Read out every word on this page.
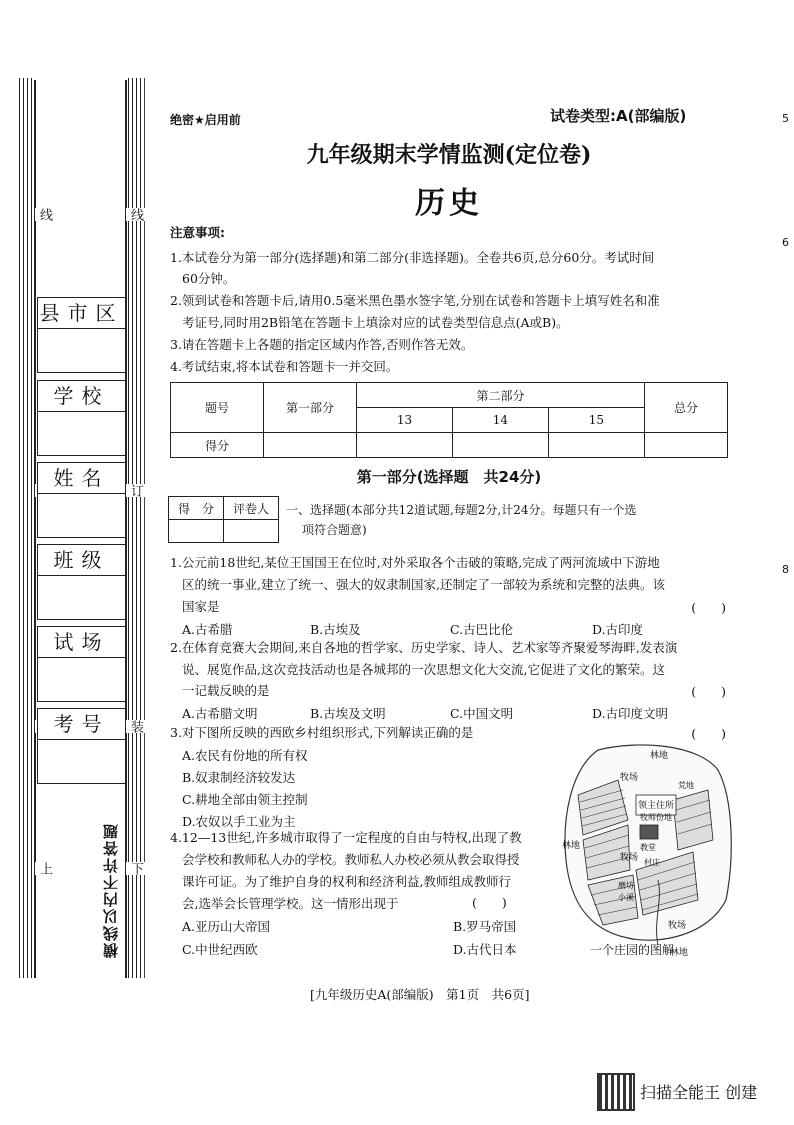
线	线
订
装
上	下
横线以内不许答题
县市区
学校
姓名
班级
试场
考号
5
6
8
绝密★启用前	试卷类型:A(部编版)
九年级期末学情监测(定位卷)
历史
注意事项:
1.本试卷分为第一部分(选择题)和第二部分(非选择题)。全卷共6页,总分60分。考试时间
60分钟。
2.领到试卷和答题卡后,请用0.5毫米黑色墨水签字笔,分别在试卷和答题卡上填写姓名和准
考证号,同时用2B铅笔在答题卡上填涂对应的试卷类型信息点(A或B)。
3.请在答题卡上各题的指定区域内作答,否则作答无效。
4.考试结束,将本试卷和答题卡一并交回。
题号	第一部分	第二部分			总分
		13	14	15	
得分					
第一部分(选择题　共24分)
得　分	评卷人
	一、选择题(本部分共12道试题,每题2分,计24分。每题只有一个选
项符合题意)
1.公元前18世纪,某位王国国王在位时,对外采取各个击破的策略,完成了两河流域中下游地
区的统一事业,建立了统一、强大的奴隶制国家,还制定了一部较为系统和完整的法典。该
国家是	(　　)
A.古希腊	B.古埃及	C.古巴比伦	D.古印度
2.在体育竞赛大会期间,来自各地的哲学家、历史学家、诗人、艺术家等齐聚爱琴海畔,发表演
说、展览作品,这次竞技活动也是各城邦的一次思想文化大交流,它促进了文化的繁荣。这
一记载反映的是	(　　)
A.古希腊文明	B.古埃及文明	C.中国文明	D.古印度文明
3.对下图所反映的西欧乡村组织形式,下列解读正确的是	(　　)
A.农民有份地的所有权
B.奴隶制经济较发达
C.耕地全部由领主控制
D.农奴以手工业为主
4.12—13世纪,许多城市取得了一定程度的自由与特权,出现了教
会学校和教师私人办的学校。教师私人办校必须从教会取得授
课许可证。为了维护自身的权利和经济利益,教师组成教师行
会,选举会长管理学校。这一情形出现于	(　　)
A.亚历山大帝国	B.罗马帝国
C.中世纪西欧	D.古代日本
林地
林地
林地
牧场
牧场
牧场
领主住所
教堂
牧师份地
荒地
村庄
磨坊
小溪
一个庄园的图解
[九年级历史A(部编版)　第1页　共6页]
扫描全能王 创建
